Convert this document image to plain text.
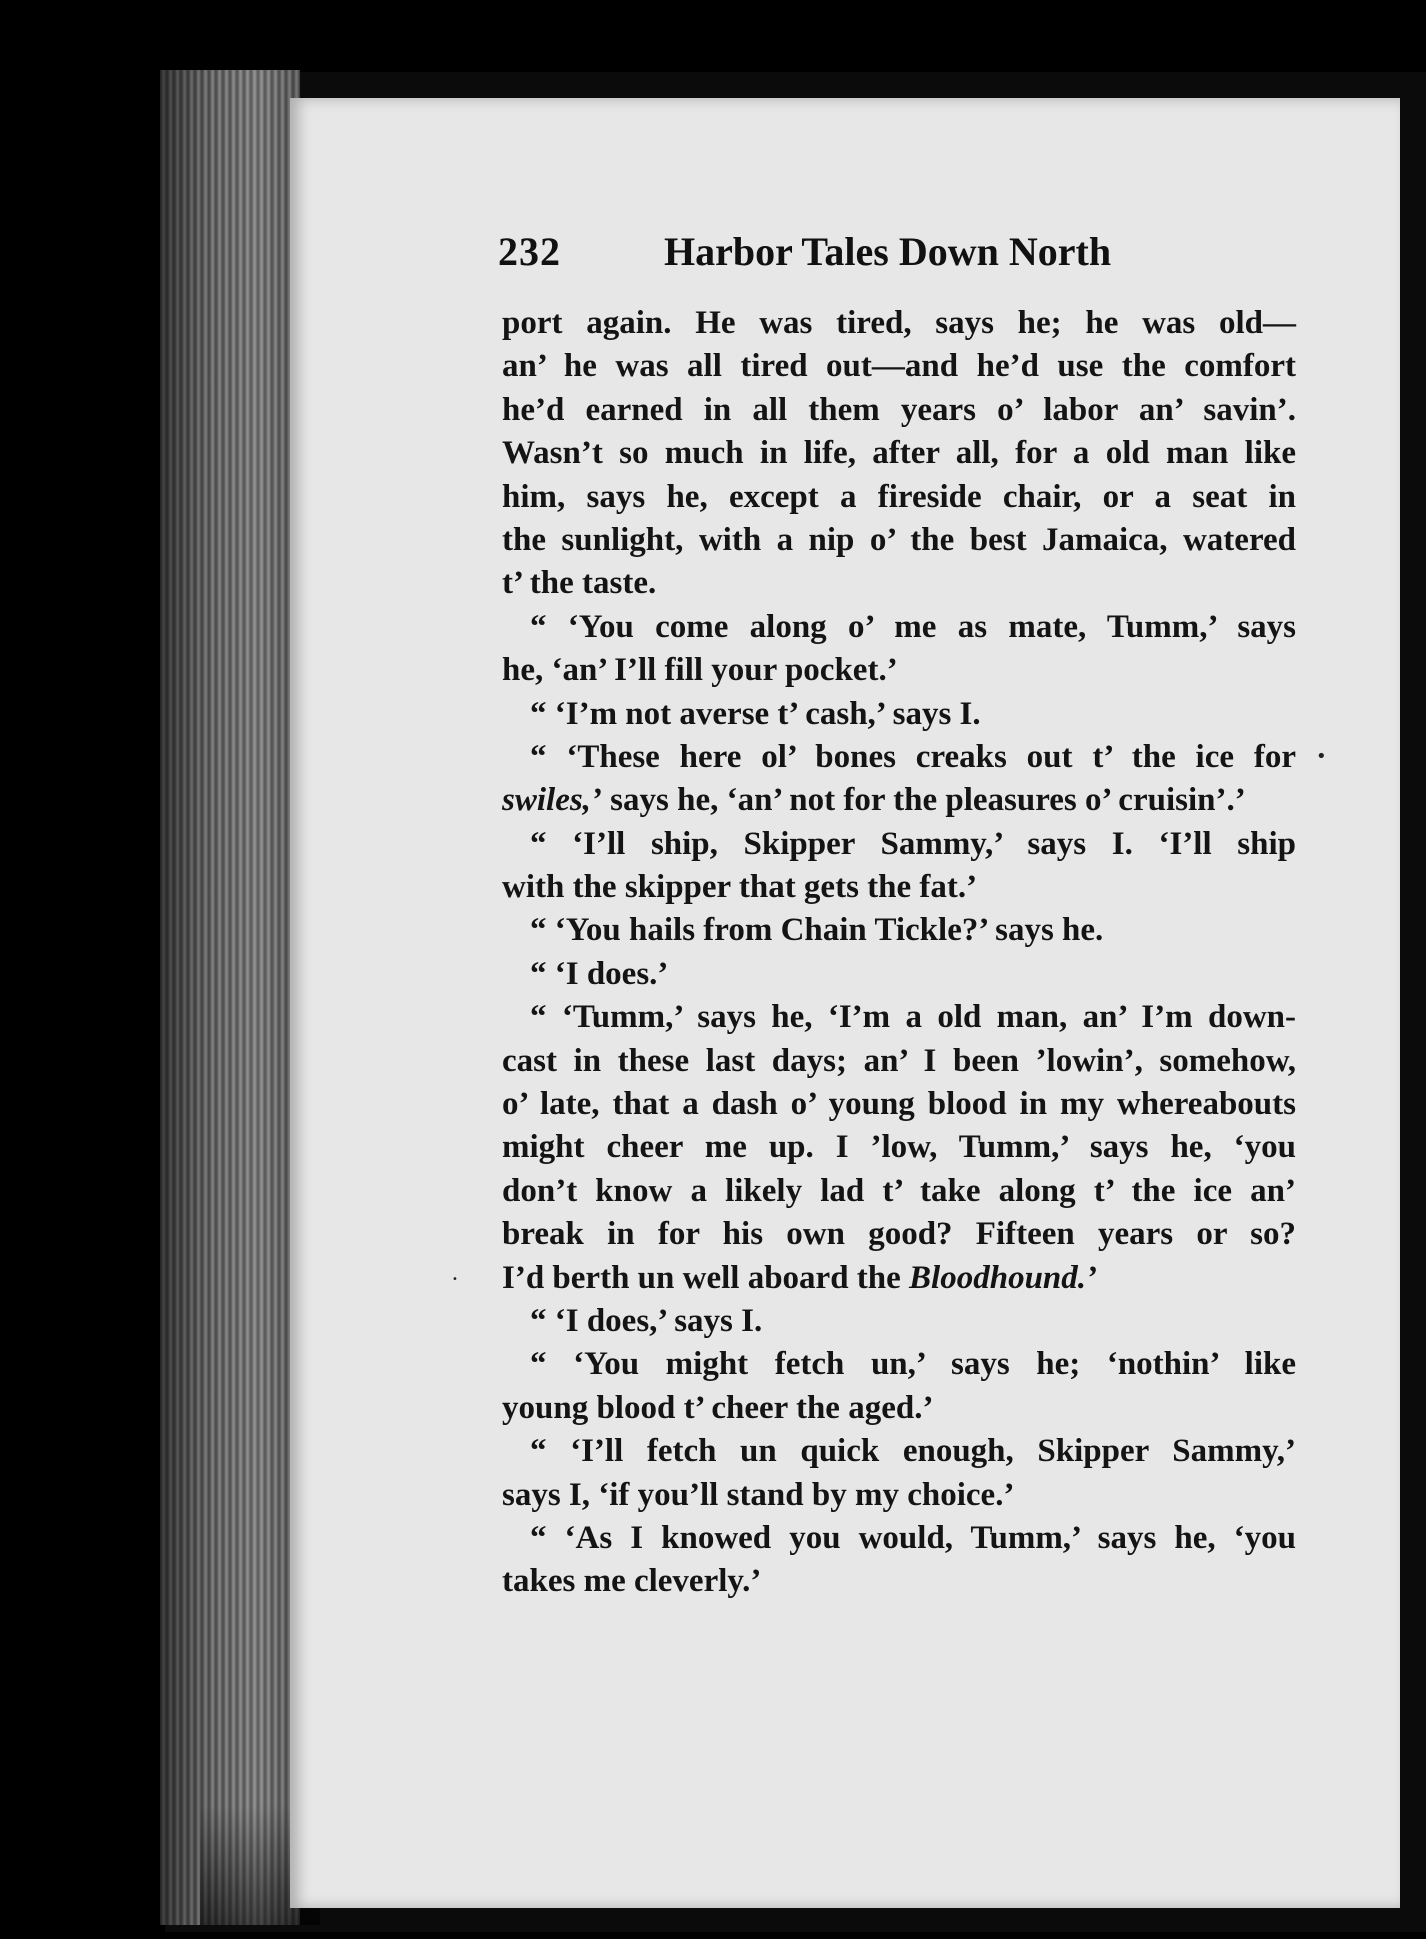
232	Harbor Tales Down North
port again. He was tired, says he; he was old—
an’ he was all tired out—and he’d use the comfort
he’d earned in all them years o’ labor an’ savin’.
Wasn’t so much in life, after all, for a old man like
him, says he, except a fireside chair, or a seat in
the sunlight, with a nip o’ the best Jamaica, watered
t’ the taste.
“ ‘You come along o’ me as mate, Tumm,’ says
he, ‘an’ I’ll fill your pocket.’
“ ‘I’m not averse t’ cash,’ says I.
“ ‘These here ol’ bones creaks out t’ the ice for
swiles,’ says he, ‘an’ not for the pleasures o’ cruisin’.’
“ ‘I’ll ship, Skipper Sammy,’ says I. ‘I’ll ship
with the skipper that gets the fat.’
“ ‘You hails from Chain Tickle?’ says he.
“ ‘I does.’
“ ‘Tumm,’ says he, ‘I’m a old man, an’ I’m down-
cast in these last days; an’ I been ’lowin’, somehow,
o’ late, that a dash o’ young blood in my whereabouts
might cheer me up. I ’low, Tumm,’ says he, ‘you
don’t know a likely lad t’ take along t’ the ice an’
break in for his own good? Fifteen years or so?
I’d berth un well aboard the Bloodhound.’
“ ‘I does,’ says I.
“ ‘You might fetch un,’ says he; ‘nothin’ like
young blood t’ cheer the aged.’
“ ‘I’ll fetch un quick enough, Skipper Sammy,’
says I, ‘if you’ll stand by my choice.’
“ ‘As I knowed you would, Tumm,’ says he, ‘you
takes me cleverly.’
•
•
